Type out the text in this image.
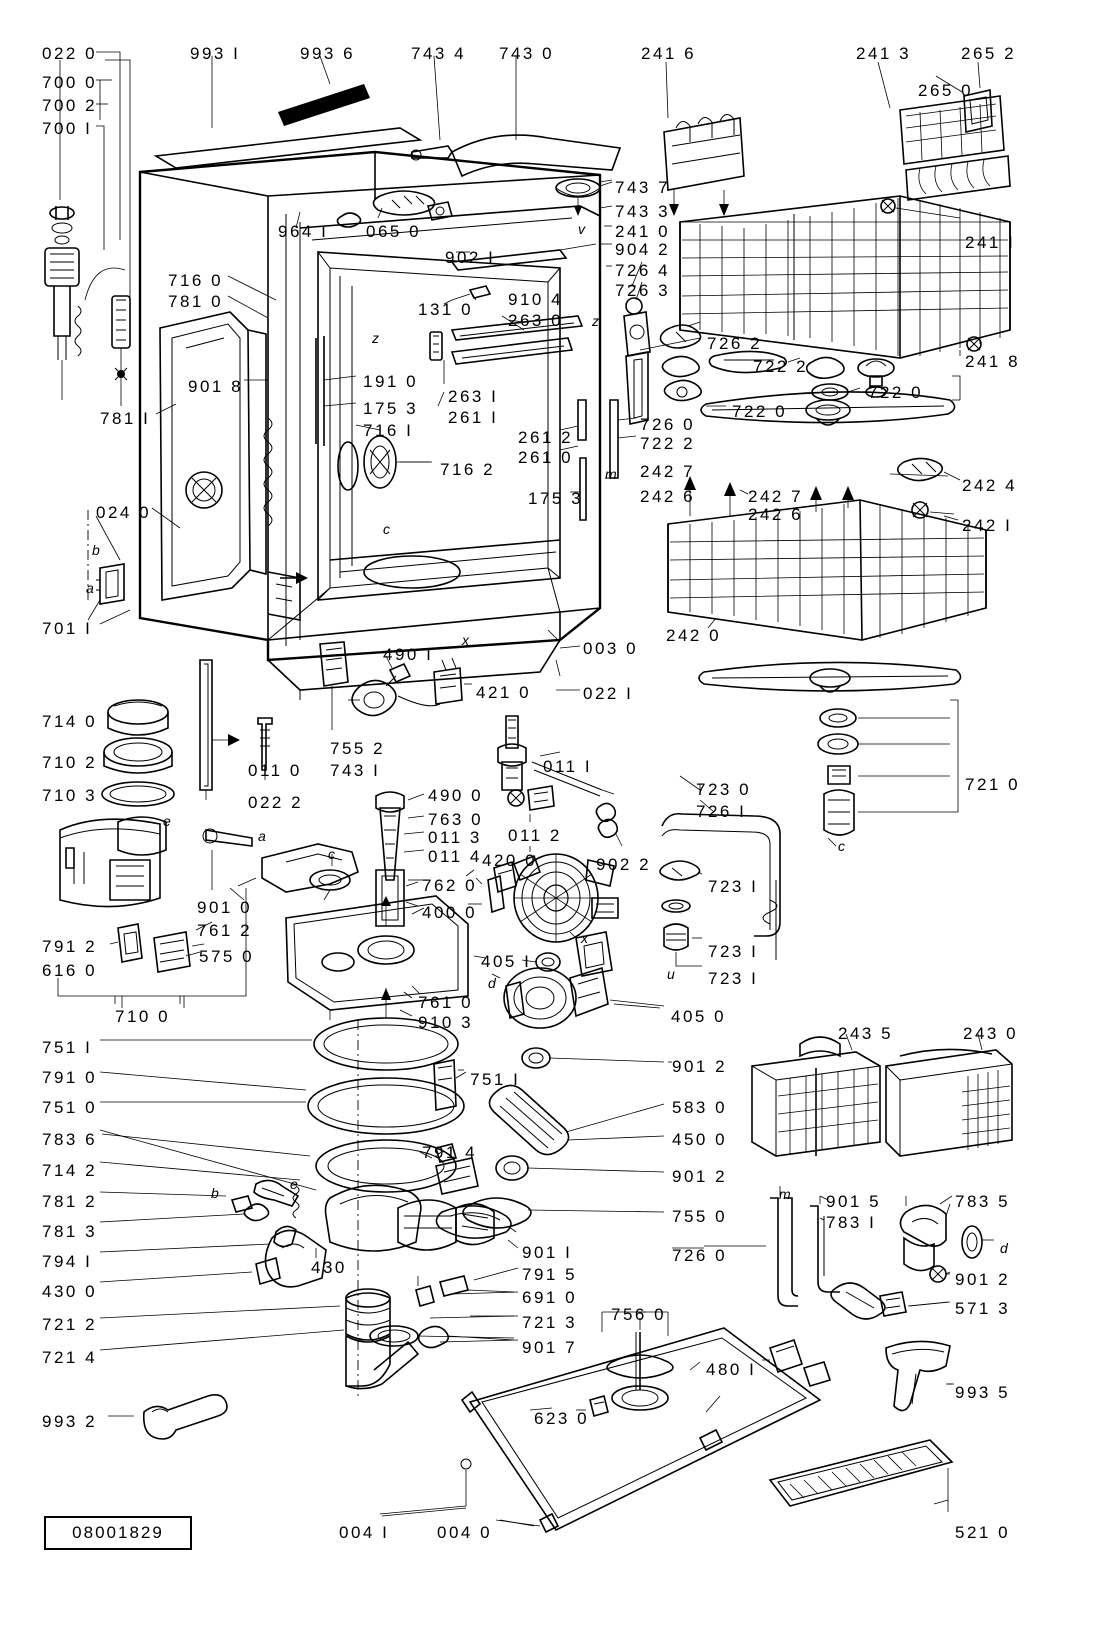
08001829
022 0
700 0
700 2
700 I
993 I	993 6	743 4 743 0	241 6	241 3	265 2
265 0
743 7
743 3
241 0
904 2
964 I 065 0
902 I
241 I
726 4
726 3
716 0
781 0	131 0
910 4
263 0
726 2
241 8
722 2
901 8	191 0
175 3
263 I
261 I
722 0
722 0
781 I
716 I	261 2
261 0
726 0
722 2
716 2	242 7
242 4
242 6	242 7
242 6
242 I
175 3
024 0
242 0
701 I
003 0
490 I
421 0	022 I
714 0
710 2
755 2
743 I
011 0	011 I
710 3	490 0
022 2
763 0
011 3
011 4
011 2
723 0
726 I
721 0
902 2
762 0
400 0
420 0
723 I
901 0
761 2
791 2
575 0
616 0	405 I
723 I
723 I
710 0
761 0
910 3	405 0
751 I
243 5	243 0
791 0	751 I
901 2
751 0	583 0
783 6	450 0
714 2
791 4
901 2
781 2	901 5	783 5
783 I
781 3
755 0
726 0
794 I	901 I
430 0
791 5	901 2
691 0
721 2
571 3
721 3 756 0
901 7
721 4
480 I
993 5
993 2	623 0
004 I	004 0	521 0
430
z
z
v
c
x
b
a
m
a
e
c	c
x
d
u
b
e
m
d
